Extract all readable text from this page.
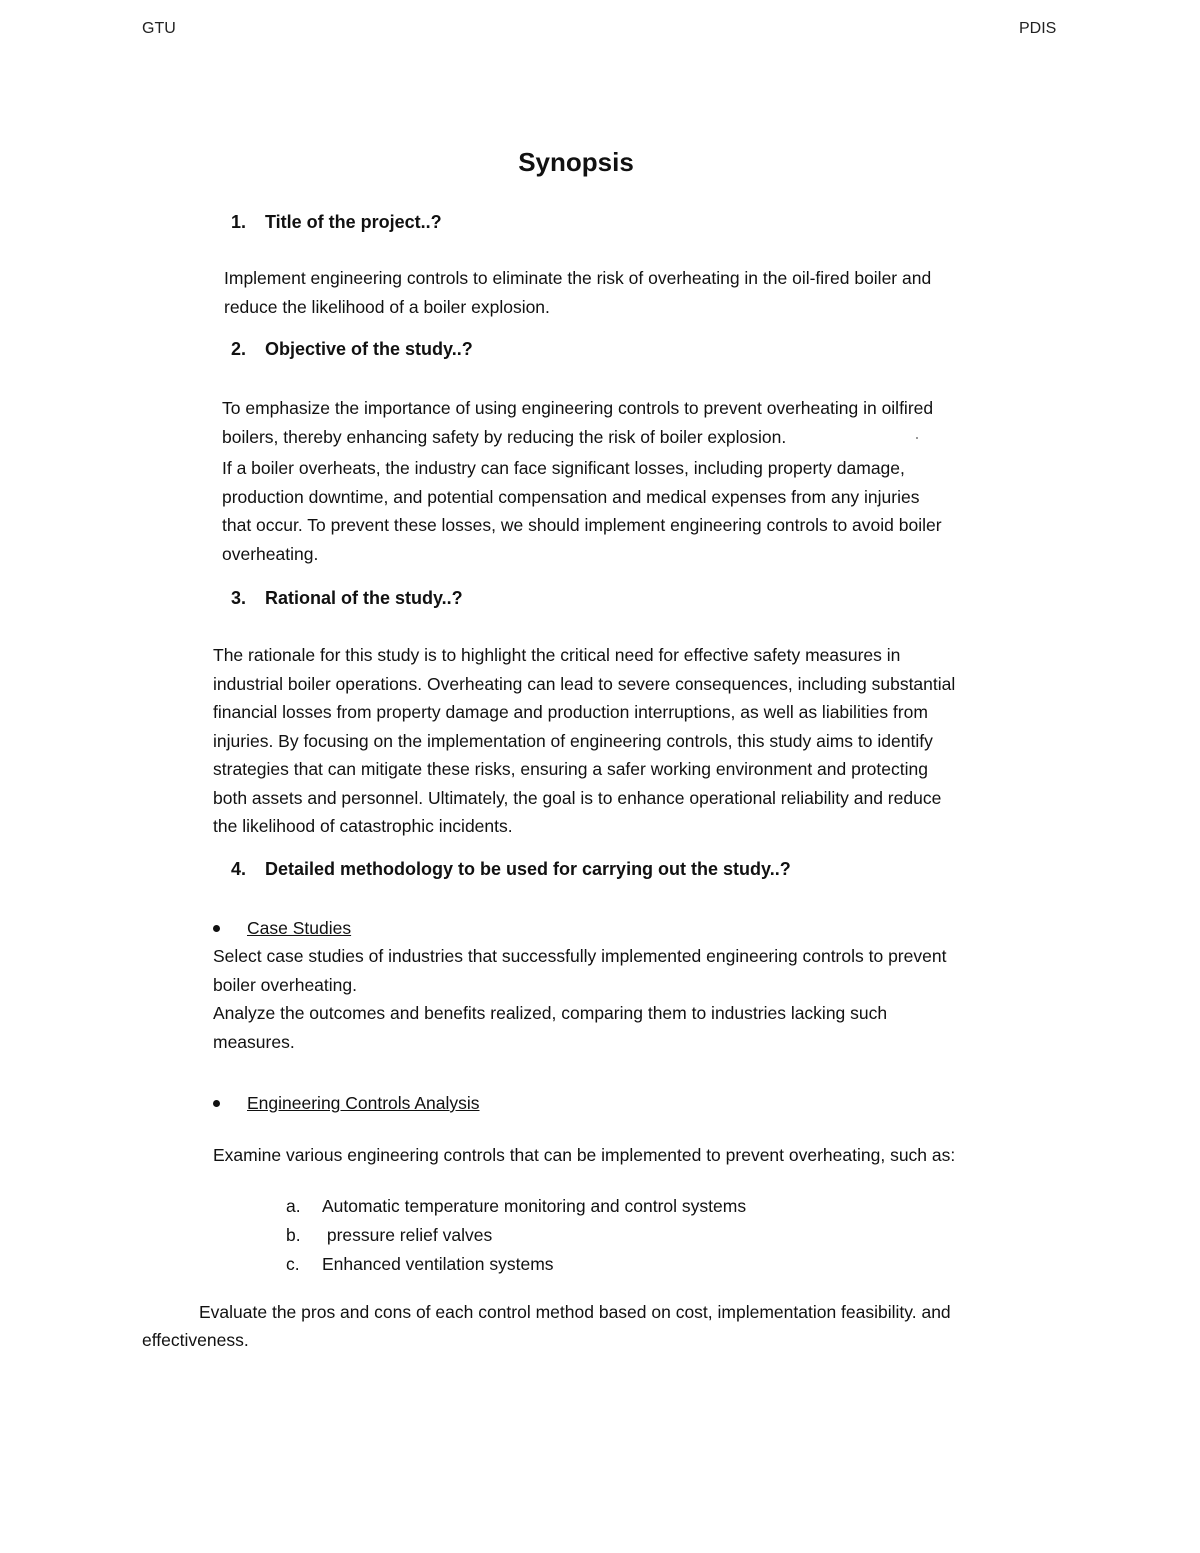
GTU	PDIS
Synopsis
1. Title of the project..?
Implement engineering controls to eliminate the risk of overheating in the oil-fired boiler and
reduce the likelihood of a boiler explosion.
2. Objective of the study..?
To emphasize the importance of using engineering controls to prevent overheating in oilfired
boilers, thereby enhancing safety by reducing the risk of boiler explosion.
If a boiler overheats, the industry can face significant losses, including property damage,
production downtime, and potential compensation and medical expenses from any injuries
that occur. To prevent these losses, we should implement engineering controls to avoid boiler
overheating.
3. Rational of the study..?
The rationale for this study is to highlight the critical need for effective safety measures in
industrial boiler operations. Overheating can lead to severe consequences, including substantial
financial losses from property damage and production interruptions, as well as liabilities from
injuries. By focusing on the implementation of engineering controls, this study aims to identify
strategies that can mitigate these risks, ensuring a safer working environment and protecting
both assets and personnel. Ultimately, the goal is to enhance operational reliability and reduce
the likelihood of catastrophic incidents.
4. Detailed methodology to be used for carrying out the study..?
Case Studies
Select case studies of industries that successfully implemented engineering controls to prevent
boiler overheating.
Analyze the outcomes and benefits realized, comparing them to industries lacking such
measures.
Engineering Controls Analysis
Examine various engineering controls that can be implemented to prevent overheating, such as:
a. Automatic temperature monitoring and control systems
b. pressure relief valves
c. Enhanced ventilation systems
Evaluate the pros and cons of each control method based on cost, implementation feasibility. and
effectiveness.
